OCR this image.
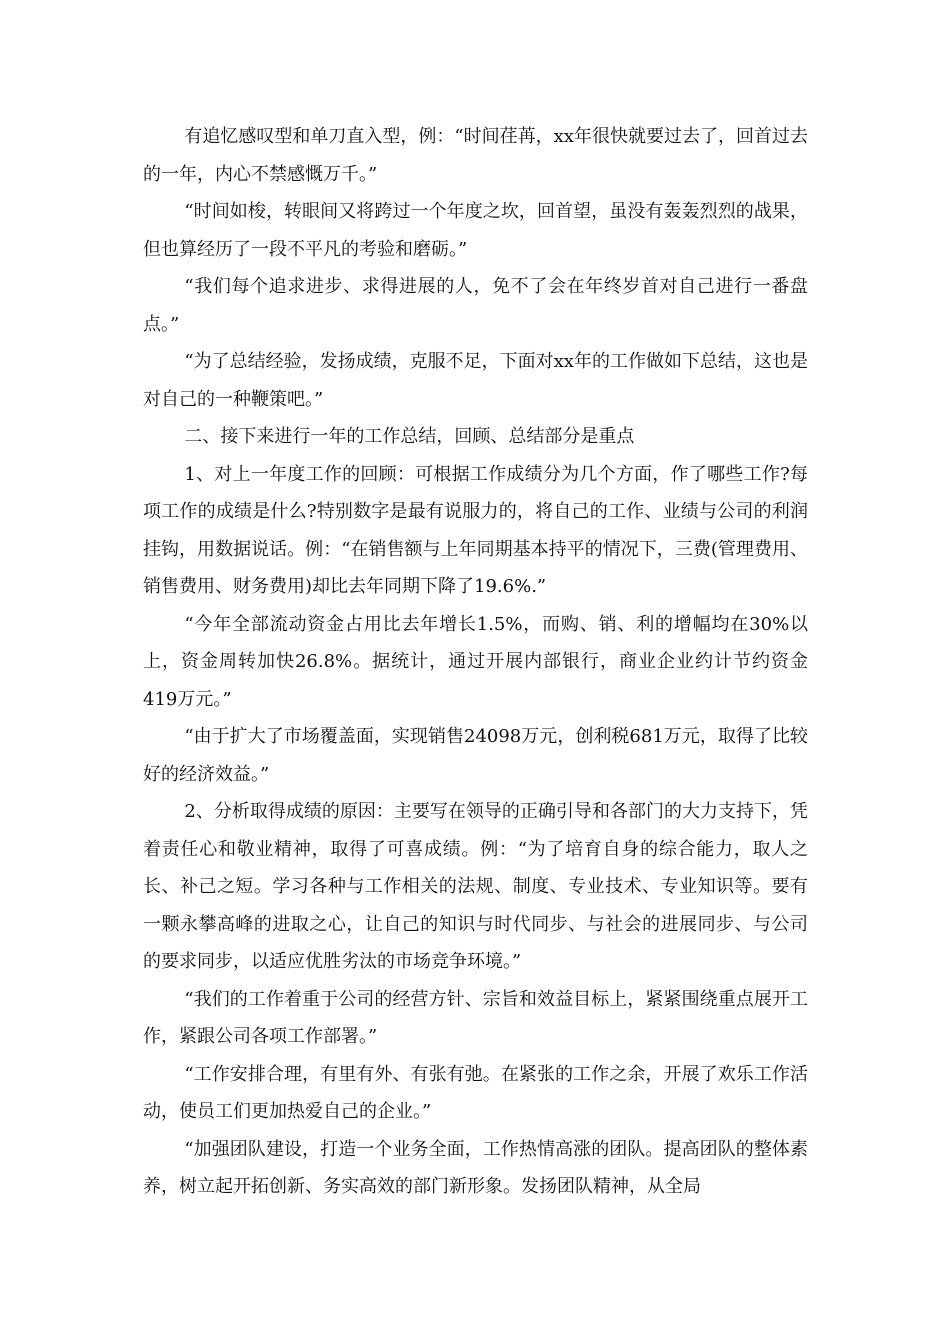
有追忆感叹型和单刀直入型，例：“时间荏苒，xx年很快就要过去了，回首过去的一年，内心不禁感慨万千。”

“时间如梭，转眼间又将跨过一个年度之坎，回首望，虽没有轰轰烈烈的战果，但也算经历了一段不平凡的考验和磨砺。”

“我们每个追求进步、求得进展的人，免不了会在年终岁首对自己进行一番盘点。”

“为了总结经验，发扬成绩，克服不足，下面对xx年的工作做如下总结，这也是对自己的一种鞭策吧。”

二、接下来进行一年的工作总结，回顾、总结部分是重点

1、对上一年度工作的回顾：可根据工作成绩分为几个方面，作了哪些工作?每项工作的成绩是什么?特别数字是最有说服力的，将自己的工作、业绩与公司的利润挂钩，用数据说话。例：“在销售额与上年同期基本持平的情况下，三费(管理费用、销售费用、财务费用)却比去年同期下降了19.6%.”

“今年全部流动资金占用比去年增长1.5%，而购、销、利的增幅均在30%以上，资金周转加快26.8%。据统计，通过开展内部银行，商业企业约计节约资金419万元。”

“由于扩大了市场覆盖面，实现销售24098万元，创利税681万元，取得了比较好的经济效益。”

2、分析取得成绩的原因：主要写在领导的正确引导和各部门的大力支持下，凭着责任心和敬业精神，取得了可喜成绩。例：“为了培育自身的综合能力，取人之长、补己之短。学习各种与工作相关的法规、制度、专业技术、专业知识等。要有一颗永攀高峰的进取之心，让自己的知识与时代同步、与社会的进展同步、与公司的要求同步，以适应优胜劣汰的市场竞争环境。”

“我们的工作着重于公司的经营方针、宗旨和效益目标上，紧紧围绕重点展开工作，紧跟公司各项工作部署。”

“工作安排合理，有里有外、有张有弛。在紧张的工作之余，开展了欢乐工作活动，使员工们更加热爱自己的企业。”

“加强团队建设，打造一个业务全面，工作热情高涨的团队。提高团队的整体素养，树立起开拓创新、务实高效的部门新形象。发扬团队精神，从全局
